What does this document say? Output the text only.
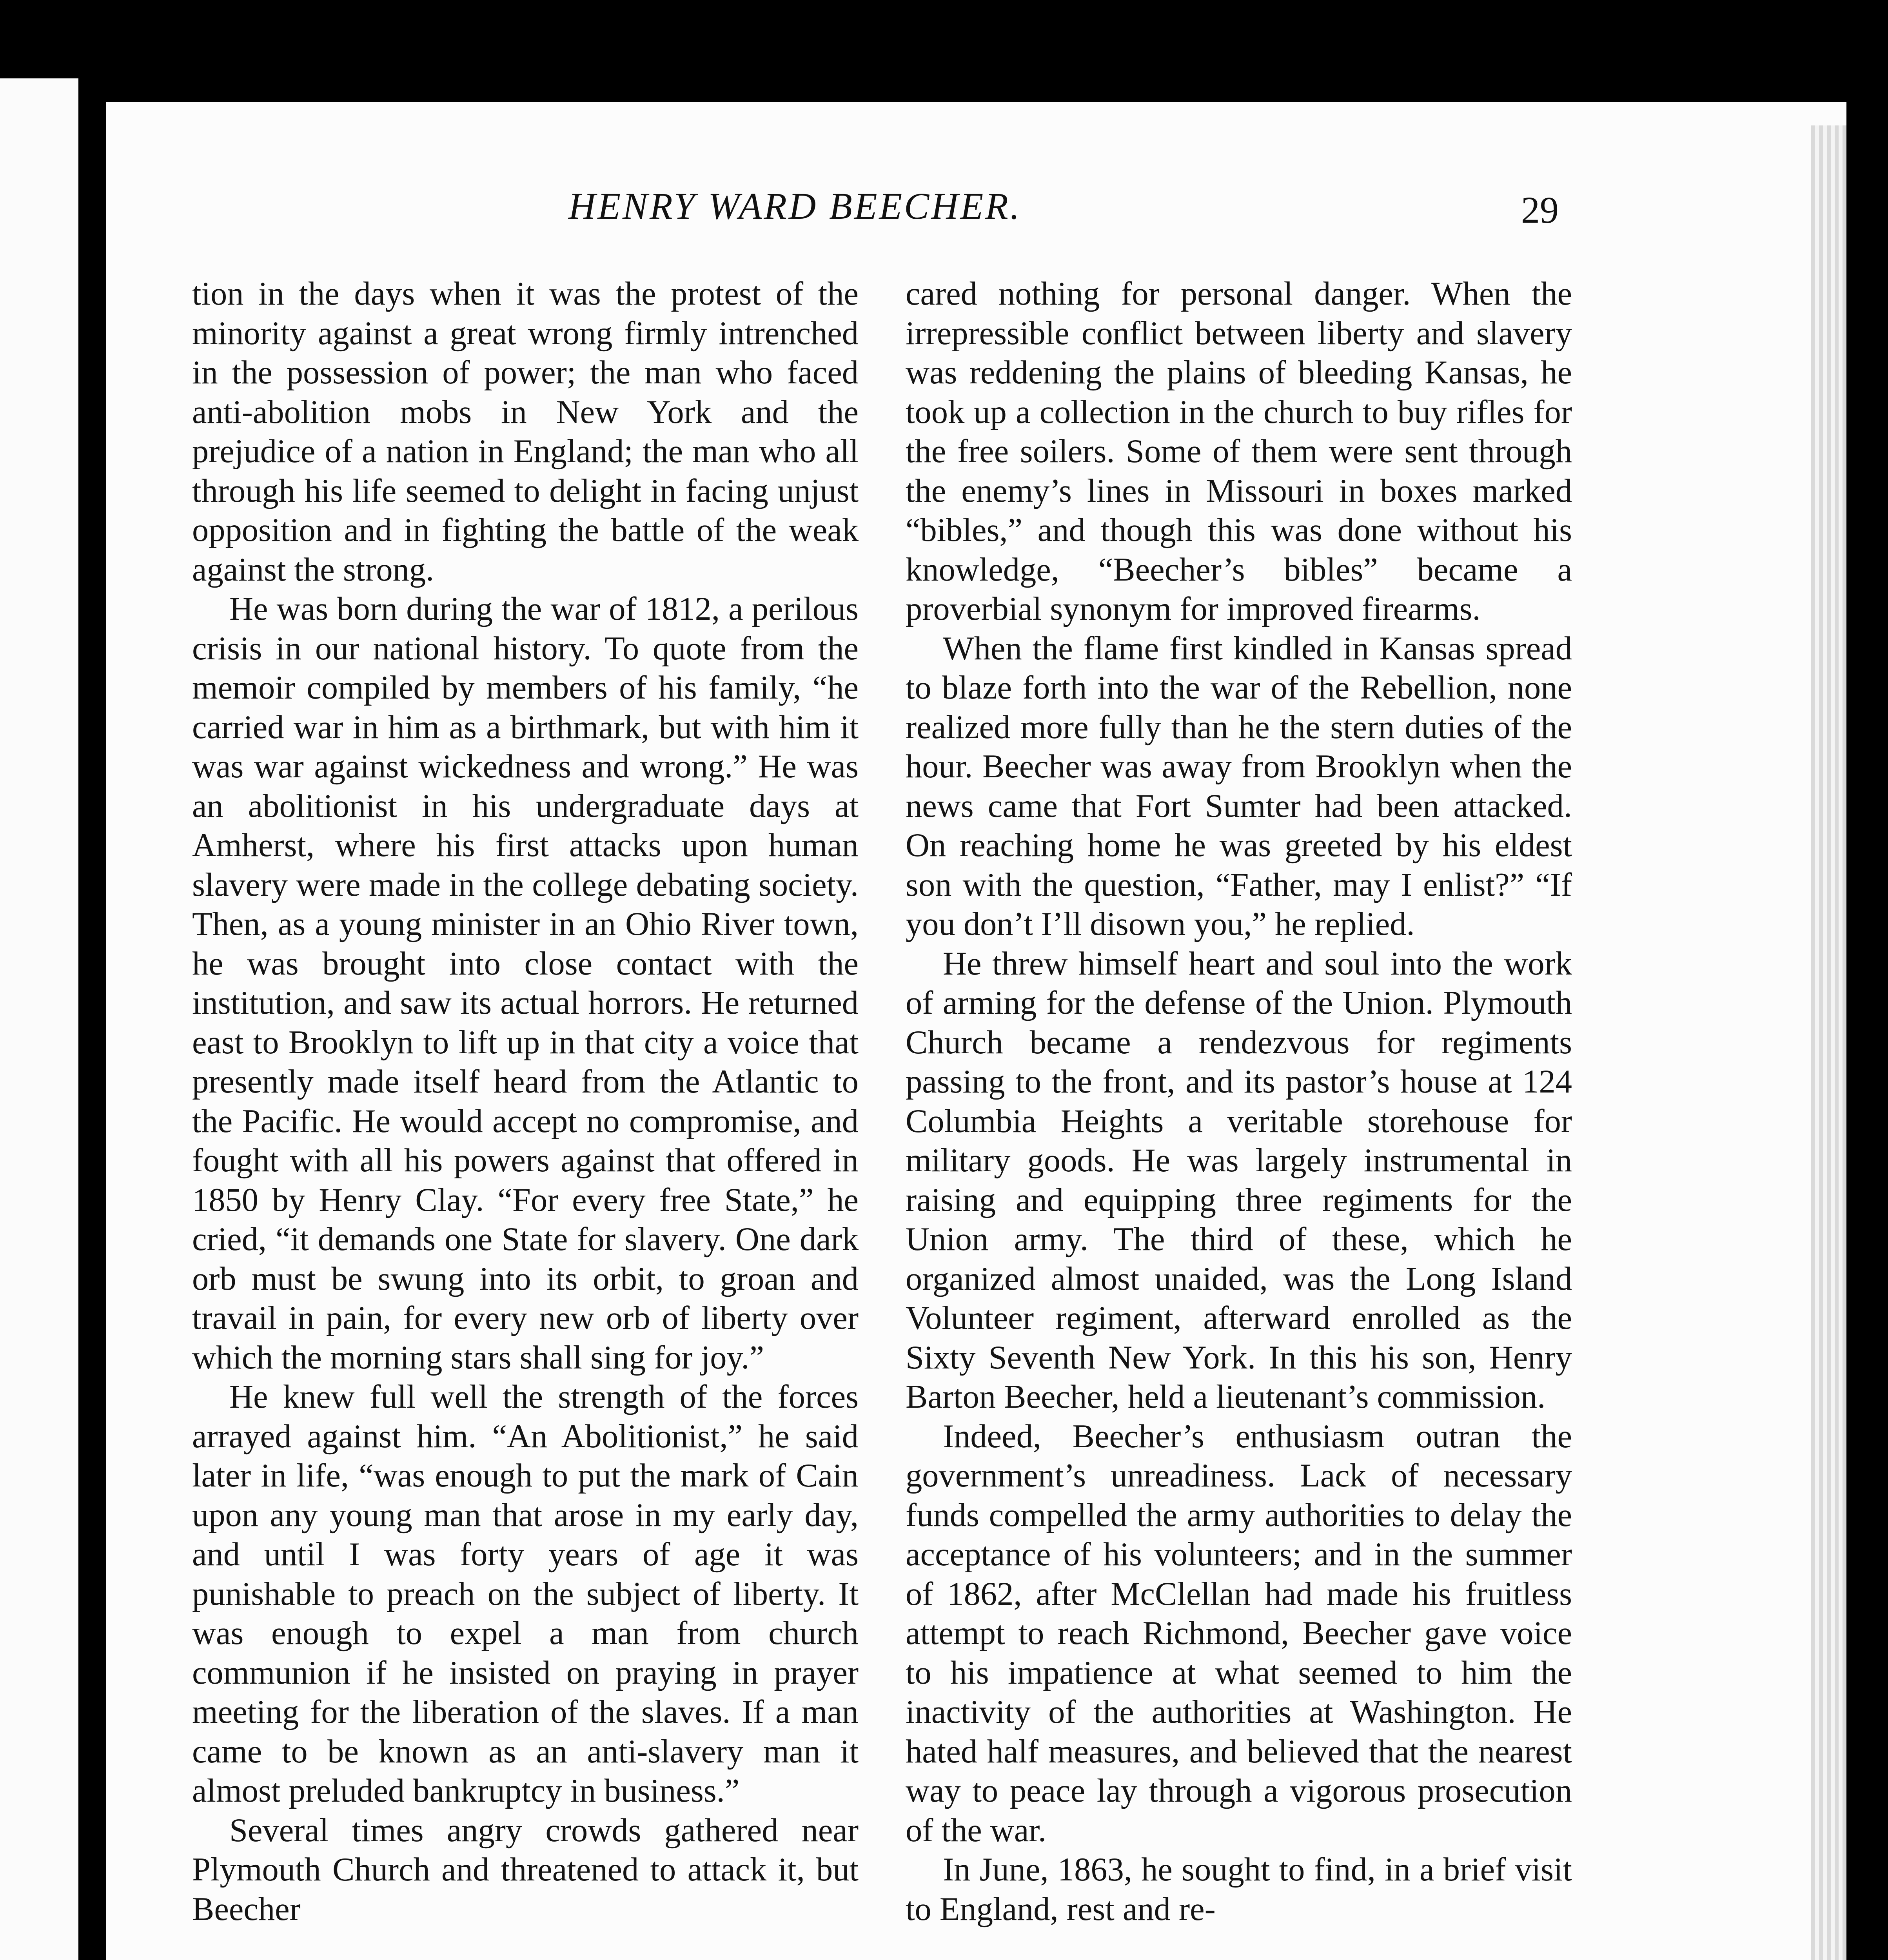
HENRY WARD BEECHER.	29

tion in the days when it was the protest of the minority against a great wrong firmly intrenched in the possession of power; the man who faced anti-abolition mobs in New York and the prejudice of a nation in England; the man who all through his life seemed to delight in facing unjust opposition and in fighting the battle of the weak against the strong.

He was born during the war of 1812, a perilous crisis in our national history. To quote from the memoir compiled by members of his family, “he carried war in him as a birthmark, but with him it was war against wickedness and wrong.” He was an abolitionist in his undergraduate days at Amherst, where his first attacks upon human slavery were made in the college debating society. Then, as a young minister in an Ohio River town, he was brought into close contact with the institution, and saw its actual horrors. He returned east to Brooklyn to lift up in that city a voice that presently made itself heard from the Atlantic to the Pacific. He would accept no compromise, and fought with all his powers against that offered in 1850 by Henry Clay. “For every free State,” he cried, “it demands one State for slavery. One dark orb must be swung into its orbit, to groan and travail in pain, for every new orb of liberty over which the morning stars shall sing for joy.”

He knew full well the strength of the forces arrayed against him. “An Abolitionist,” he said later in life, “was enough to put the mark of Cain upon any young man that arose in my early day, and until I was forty years of age it was punishable to preach on the subject of liberty. It was enough to expel a man from church communion if he insisted on praying in prayer meeting for the liberation of the slaves. If a man came to be known as an anti-slavery man it almost preluded bankruptcy in business.”

Several times angry crowds gathered near Plymouth Church and threatened to attack it, but Beecher

cared nothing for personal danger. When the irrepressible conflict between liberty and slavery was reddening the plains of bleeding Kansas, he took up a collection in the church to buy rifles for the free soilers. Some of them were sent through the enemy’s lines in Missouri in boxes marked “bibles,” and though this was done without his knowledge, “Beecher’s bibles” became a proverbial synonym for improved firearms.

When the flame first kindled in Kansas spread to blaze forth into the war of the Rebellion, none realized more fully than he the stern duties of the hour. Beecher was away from Brooklyn when the news came that Fort Sumter had been attacked. On reaching home he was greeted by his eldest son with the question, “Father, may I enlist?” “If you don’t I’ll disown you,” he replied.

He threw himself heart and soul into the work of arming for the defense of the Union. Plymouth Church became a rendezvous for regiments passing to the front, and its pastor’s house at 124 Columbia Heights a veritable storehouse for military goods. He was largely instrumental in raising and equipping three regiments for the Union army. The third of these, which he organized almost unaided, was the Long Island Volunteer regiment, afterward enrolled as the Sixty Seventh New York. In this his son, Henry Barton Beecher, held a lieutenant’s commission.

Indeed, Beecher’s enthusiasm outran the government’s unreadiness. Lack of necessary funds compelled the army authorities to delay the acceptance of his volunteers; and in the summer of 1862, after McClellan had made his fruitless attempt to reach Richmond, Beecher gave voice to his impatience at what seemed to him the inactivity of the authorities at Washington. He hated half measures, and believed that the nearest way to peace lay through a vigorous prosecution of the war.

In June, 1863, he sought to find, in a brief visit to England, rest and re-
